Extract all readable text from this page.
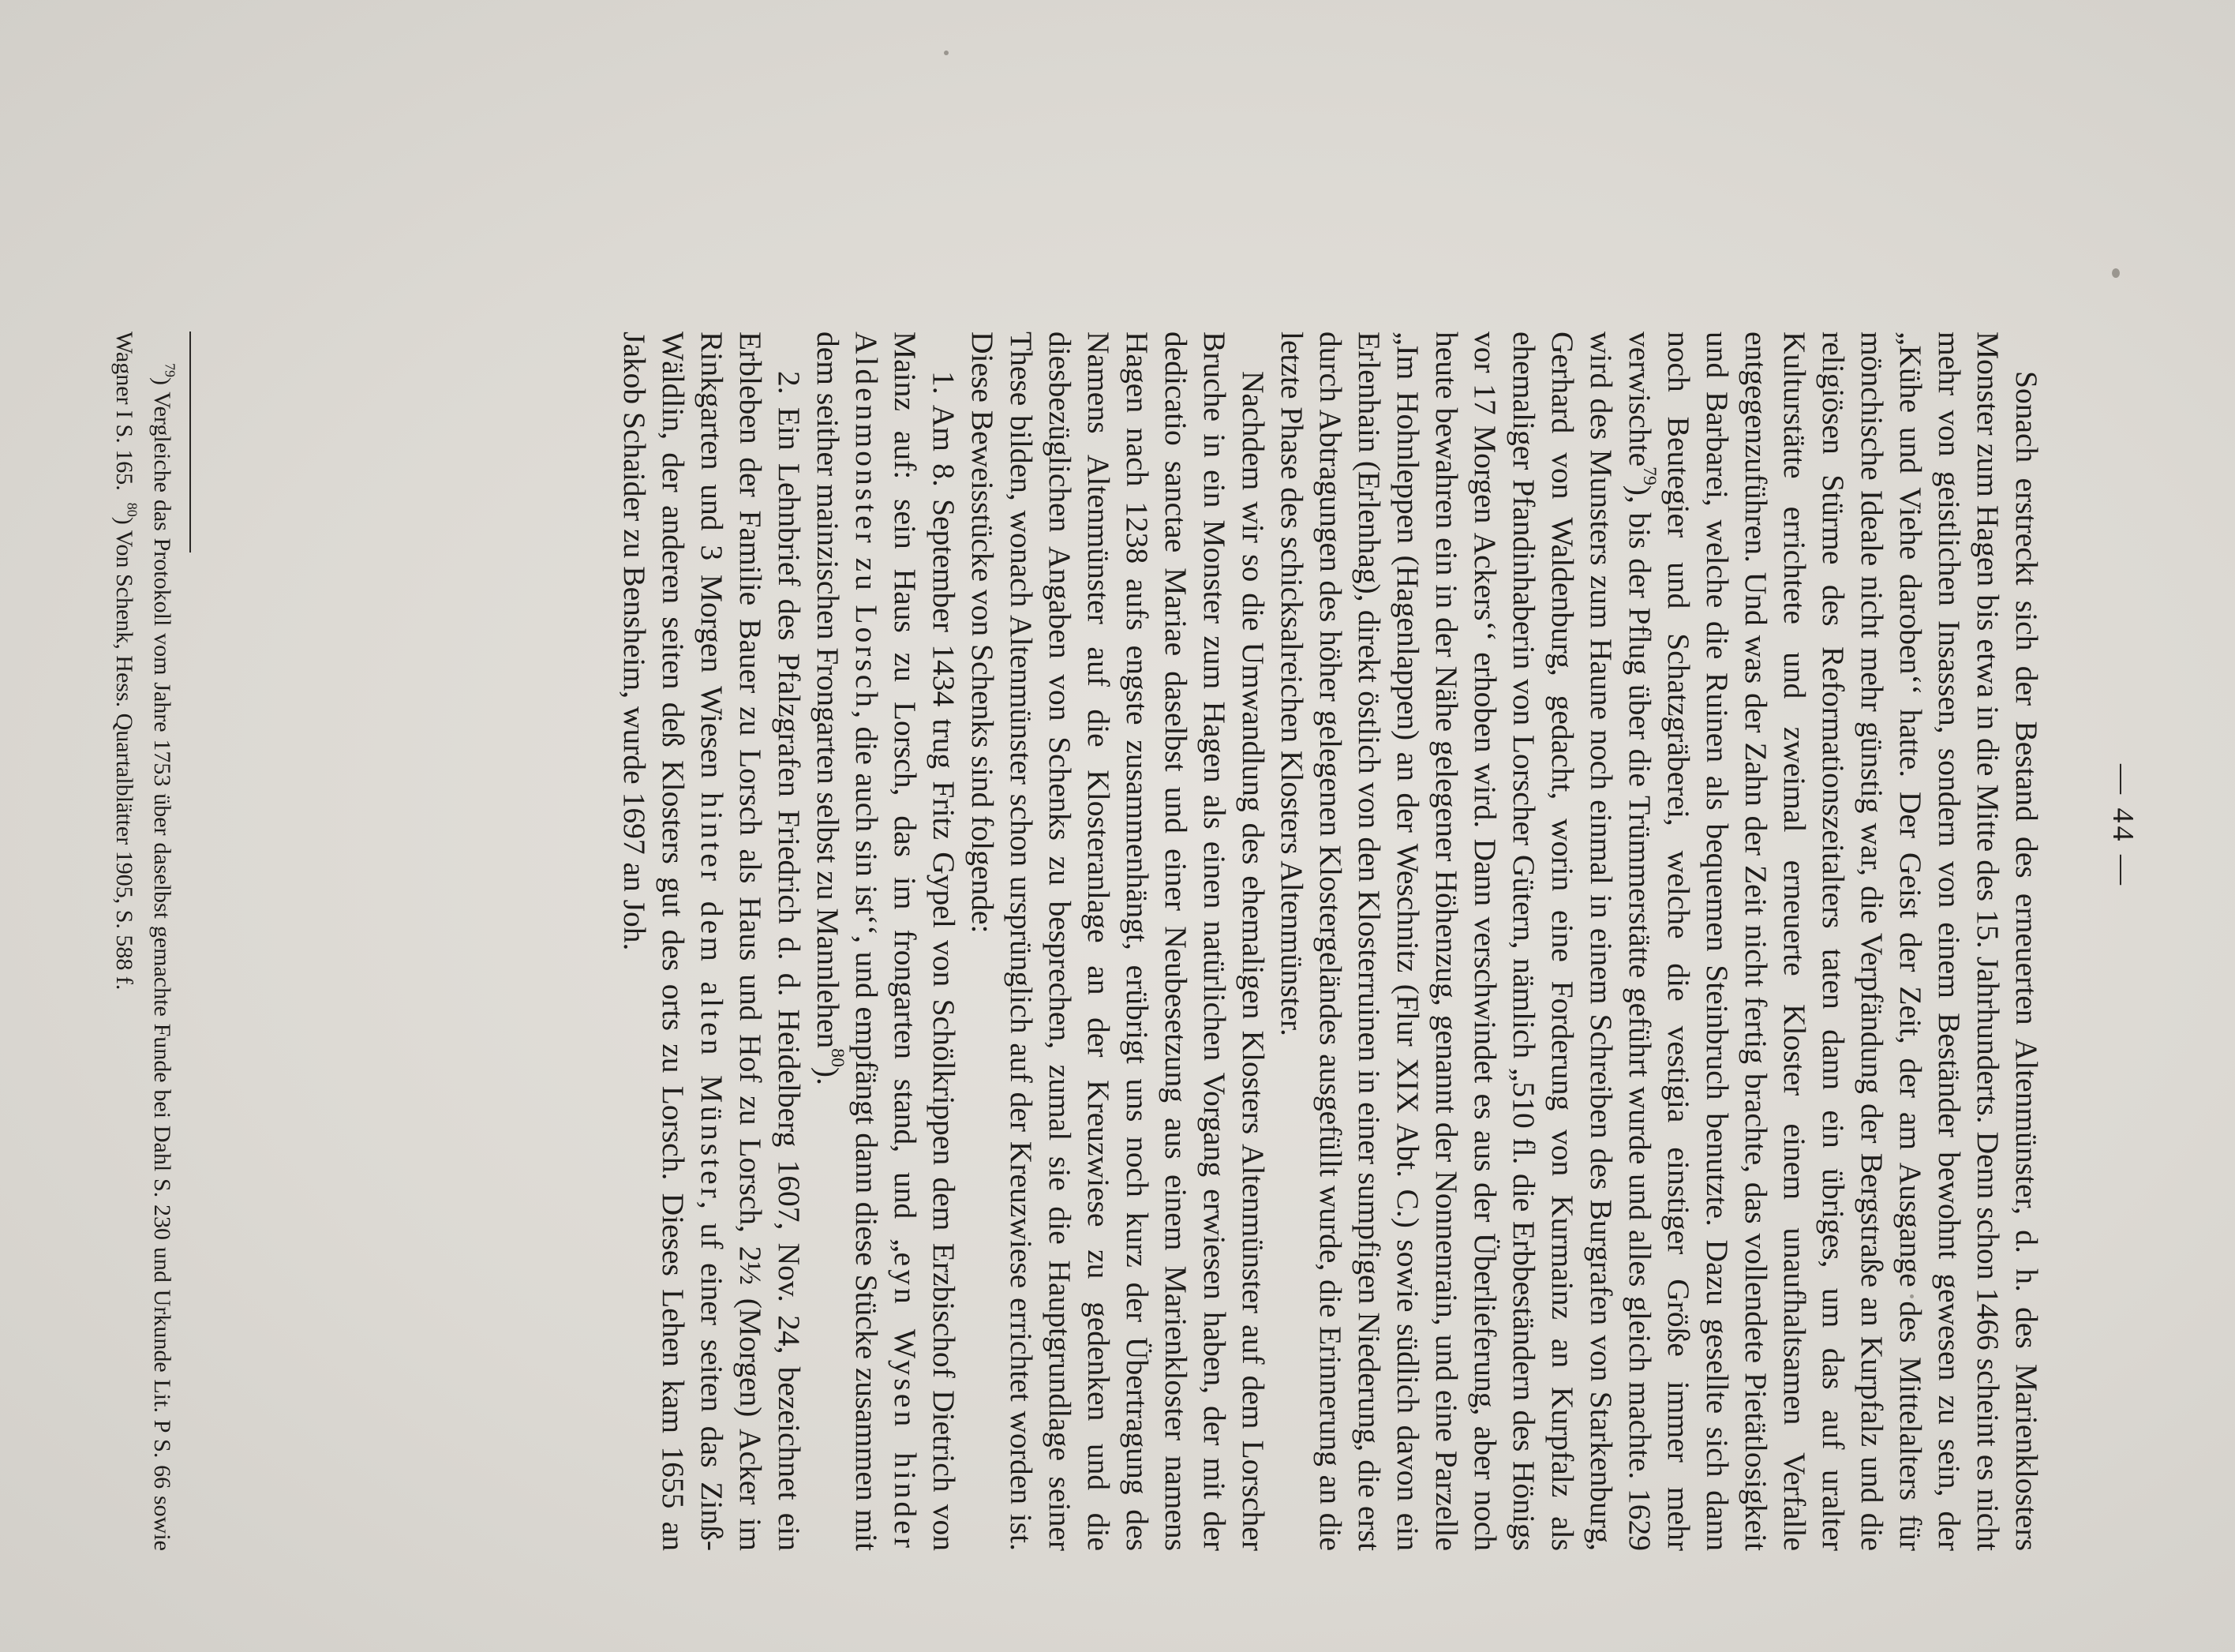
— 44 —

Sonach erstreckt sich der Bestand des erneuerten Altenmünster, d. h. des Marienklosters Monster zum Hagen bis etwa in die Mitte des 15. Jahrhunderts. Denn schon 1466 scheint es nicht mehr von geistlichen Insassen, sondern von einem Beständer bewohnt gewesen zu sein, der „Kühe und Viehe darobenʻʻ hatte. Der Geist der Zeit, der am Ausgange des Mittelalters für mönchische Ideale nicht mehr günstig war, die Verpfändung der Bergstraße an Kurpfalz und die religiösen Stürme des Reformationszeitalters taten dann ein übriges, um das auf uralter Kulturstätte errichtete und zweimal erneuerte Kloster einem unaufhaltsamen Verfalle entgegenzuführen. Und was der Zahn der Zeit nicht fertig brachte, das vollendete Pietätlosigkeit und Barbarei, welche die Ruinen als bequemen Steinbruch benutzte. Dazu gesellte sich dann noch Beutegier und Schatzgräberei, welche die vestigia einstiger Größe immer mehr verwischte$^{79}$), bis der Pflug über die Trümmerstätte geführt wurde und alles gleich machte. 1629 wird des Munsters zum Haune noch einmal in einem Schreiben des Burgrafen von Starkenburg, Gerhard von Waldenburg, gedacht, worin eine Forderung von Kurmainz an Kurpfalz als ehemaliger Pfandinhaberin von Lorscher Gütern, nämlich „510 fl. die Erbbeständern des Hönigs vor 17 Morgen Ackersʻʻ erhoben wird. Dann verschwindet es aus der Überlieferung, aber noch heute bewahren ein in der Nähe gelegener Höhenzug, genannt der Nonnenrain, und eine Parzelle „Im Hohnleppen (Hagenlappen) an der Weschnitz (Flur XIX Abt. C.) sowie südlich davon ein Erlenhain (Erlenhag), direkt östlich von den Klosterruinen in einer sumpfigen Niederung, die erst durch Abtragungen des höher gelegenen Klostergeländes ausgefüllt wurde, die Erinnerung an die letzte Phase des schicksalreichen Klosters Altenmünster.

Nachdem wir so die Umwandlung des ehemaligen Klosters Altenmünster auf dem Lorscher Bruche in ein Monster zum Hagen als einen natürlichen Vorgang erwiesen haben, der mit der dedicatio sanctae Mariae daselbst und einer Neubesetzung aus einem Marienkloster namens Hagen nach 1238 aufs engste zusammenhängt, erübrigt uns noch kurz der Übertragung des Namens Altenmünster auf die Klosteranlage an der Kreuzwiese zu gedenken und die diesbezüglichen Angaben von Schenks zu besprechen, zumal sie die Hauptgrundlage seiner These bilden, wonach Altenmünster schon ursprünglich auf der Kreuzwiese errichtet worden ist. Diese Beweisstücke von Schenks sind folgende:

1. Am 8. September 1434 trug Fritz Gypel von Schölkrippen dem Erzbischof Dietrich von Mainz auf: sein Haus zu Lorsch, das im frongarten stand, und „eyn Wysen hinder Aldenmonster zu Lorsch, die auch sin istʻʻ, und empfängt dann diese Stücke zusammen mit dem seither mainzischen Frongarten selbst zu Mannlehen$^{80}$).

2. Ein Lehnbrief des Pfalzgrafen Friedrich d. d. Heidelberg 1607, Nov. 24, bezeichnet ein Erbleben der Familie Bauer zu Lorsch als Haus und Hof zu Lorsch, 2½ (Morgen) Acker im Rinkgarten und 3 Morgen Wiesen hinter dem alten Münster, uf einer seiten das Zinß-Wäldlin, der anderen seiten deß Klosters gut des orts zu Lorsch. Dieses Lehen kam 1655 an Jakob Schaider zu Bensheim, wurde 1697 an Joh.

$^{79}$) Vergleiche das Protokoll vom Jahre 1753 über daselbst gemachte Funde bei Dahl S. 230 und Urkunde Lit. P S. 66 sowie Wagner I S. 165.  $^{80}$) Von Schenk, Hess. Quartalblätter 1905, S. 588 f.
